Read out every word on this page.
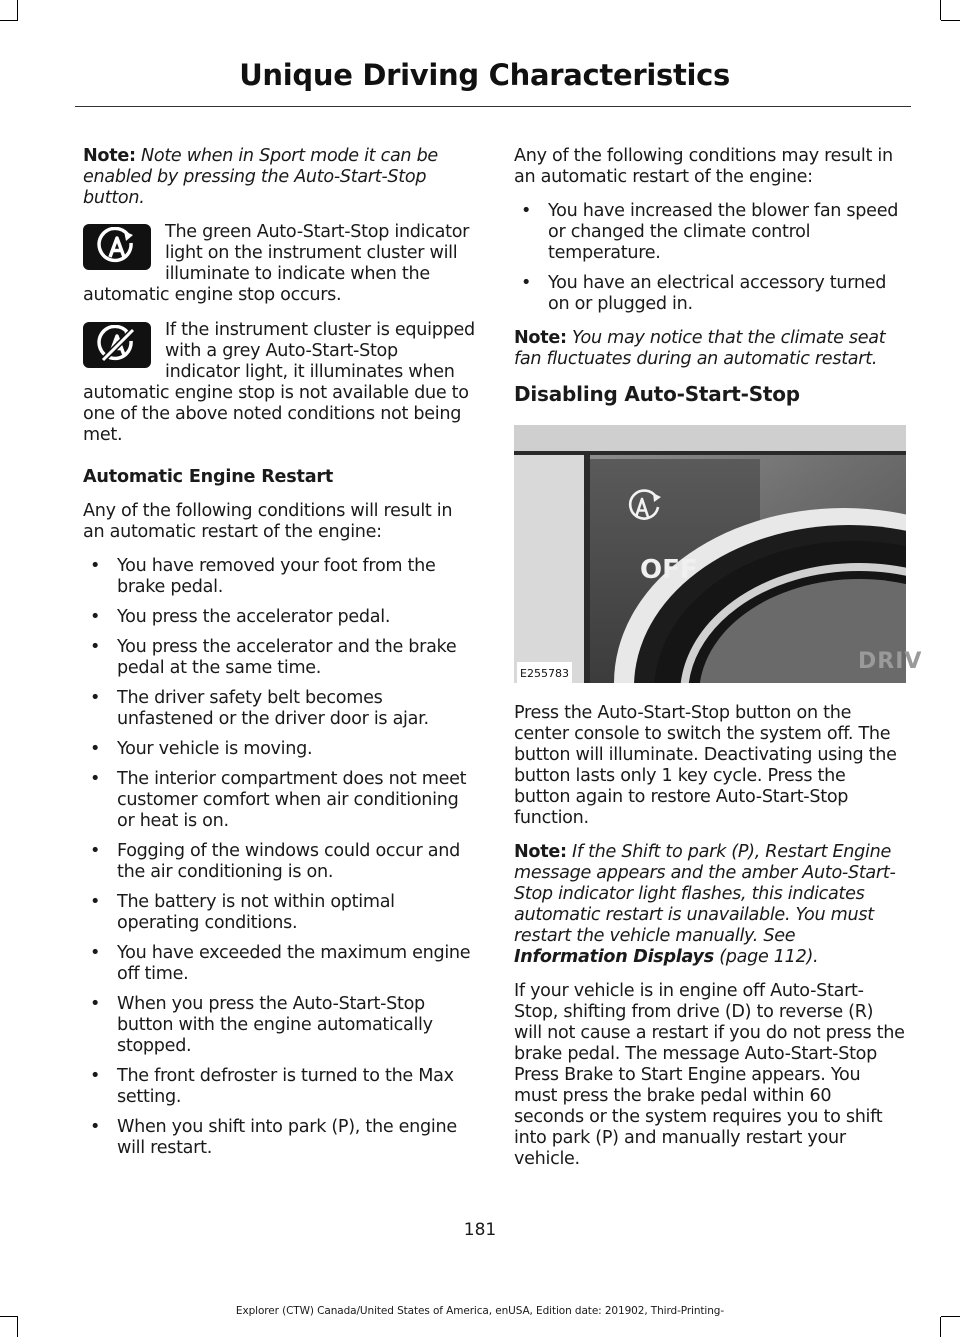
Unique Driving Characteristics

Note: Note when in Sport mode it can be enabled by pressing the Auto-Start-Stop button.

The green Auto-Start-Stop indicator light on the instrument cluster will illuminate to indicate when the automatic engine stop occurs.
If the instrument cluster is equipped with a grey Auto-Start-Stop indicator light, it illuminates when automatic engine stop is not available due to one of the above noted conditions not being met.
Automatic Engine Restart

Any of the following conditions will result in an automatic restart of the engine:

• You have removed your foot from the brake pedal.
• You press the accelerator pedal.
• You press the accelerator and the brake pedal at the same time.
• The driver safety belt becomes unfastened or the driver door is ajar.
• Your vehicle is moving.
• The interior compartment does not meet customer comfort when air conditioning or heat is on.
• Fogging of the windows could occur and the air conditioning is on.
• The battery is not within optimal operating conditions.
• You have exceeded the maximum engine off time.
• When you press the Auto-Start-Stop button with the engine automatically stopped.
• The front defroster is turned to the Max setting.
• When you shift into park (P), the engine will restart.

Any of the following conditions may result in an automatic restart of the engine:

• You have increased the blower fan speed or changed the climate control temperature.
• You have an electrical accessory turned on or plugged in.

Note: You may notice that the climate seat fan fluctuates during an automatic restart.

Disabling Auto-Start-Stop
OFF
DRIV
E255783

Press the Auto-Start-Stop button on the center console to switch the system off. The button will illuminate. Deactivating using the button lasts only 1 key cycle. Press the button again to restore Auto-Start-Stop function.

Note: If the Shift to park (P), Restart Engine message appears and the amber Auto-Start-Stop indicator light flashes, this indicates automatic restart is unavailable. You must restart the vehicle manually. See Information Displays (page 112).

If your vehicle is in engine off Auto-Start-Stop, shifting from drive (D) to reverse (R) will not cause a restart if you do not press the brake pedal. The message Auto-Start-Stop Press Brake to Start Engine appears. You must press the brake pedal within 60 seconds or the system requires you to shift into park (P) and manually restart your vehicle.

181
Explorer (CTW) Canada/United States of America, enUSA, Edition date: 201902, Third-Printing-
